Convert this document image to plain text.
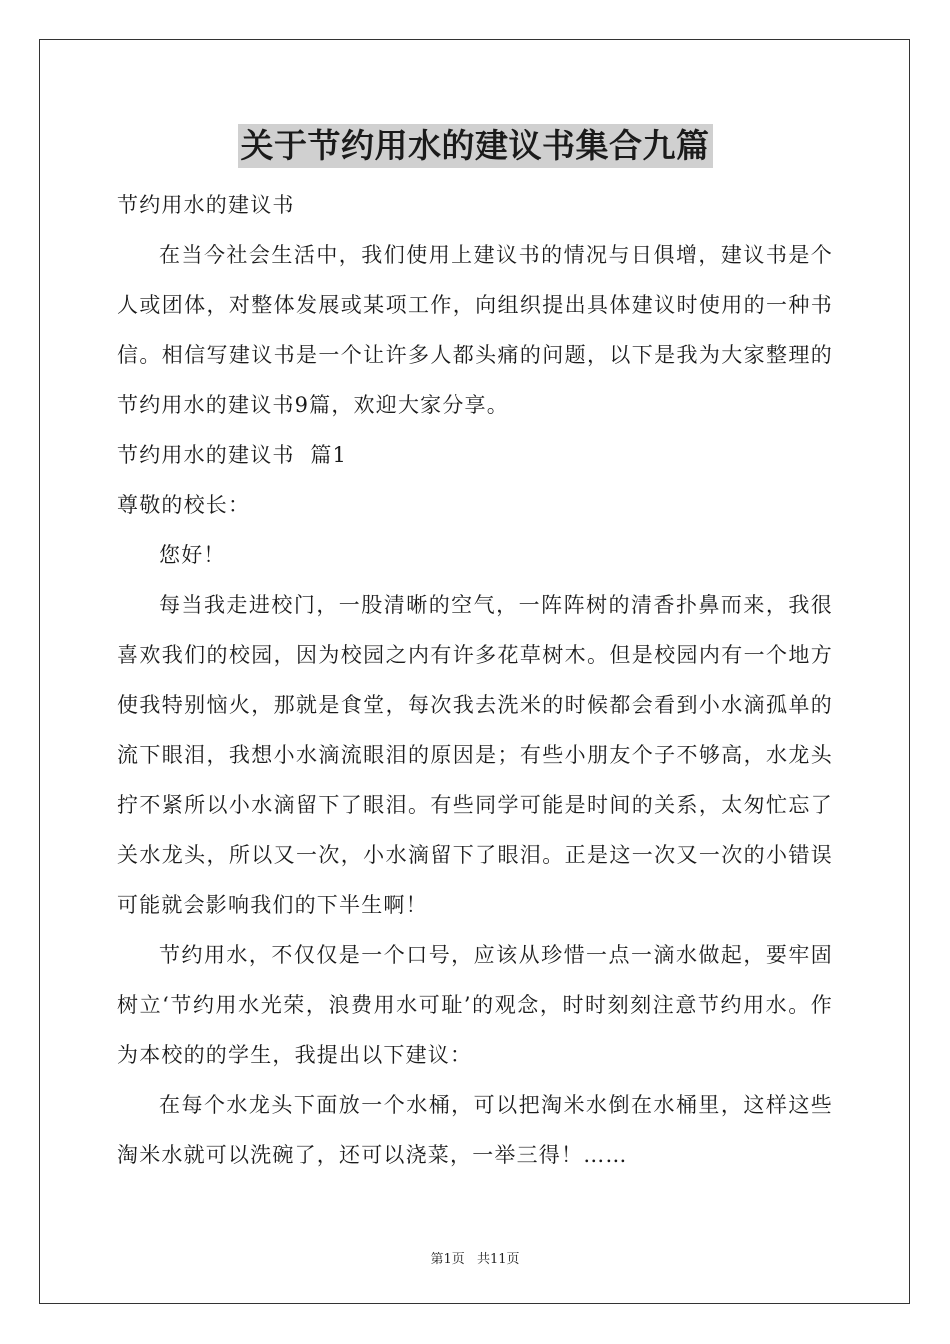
关于节约用水的建议书集合九篇

节约用水的建议书

在当今社会生活中，我们使用上建议书的情况与日俱增，建议书是个人或团体，对整体发展或某项工作，向组织提出具体建议时使用的一种书信。相信写建议书是一个让许多人都头痛的问题，以下是我为大家整理的节约用水的建议书9篇，欢迎大家分享。

节约用水的建议书  篇1

尊敬的校长：

您好！

每当我走进校门，一股清晰的空气，一阵阵树的清香扑鼻而来，我很喜欢我们的校园，因为校园之内有许多花草树木。但是校园内有一个地方使我特别恼火，那就是食堂，每次我去洗米的时候都会看到小水滴孤单的流下眼泪，我想小水滴流眼泪的原因是；有些小朋友个子不够高，水龙头拧不紧所以小水滴留下了眼泪。有些同学可能是时间的关系，太匆忙忘了关水龙头，所以又一次，小水滴留下了眼泪。正是这一次又一次的小错误可能就会影响我们的下半生啊！

节约用水，不仅仅是一个口号，应该从珍惜一点一滴水做起，要牢固树立‘节约用水光荣，浪费用水可耻’的观念，时时刻刻注意节约用水。作为本校的的学生，我提出以下建议：

在每个水龙头下面放一个水桶，可以把淘米水倒在水桶里，这样这些淘米水就可以洗碗了，还可以浇菜，一举三得！……

第1页 共11页
